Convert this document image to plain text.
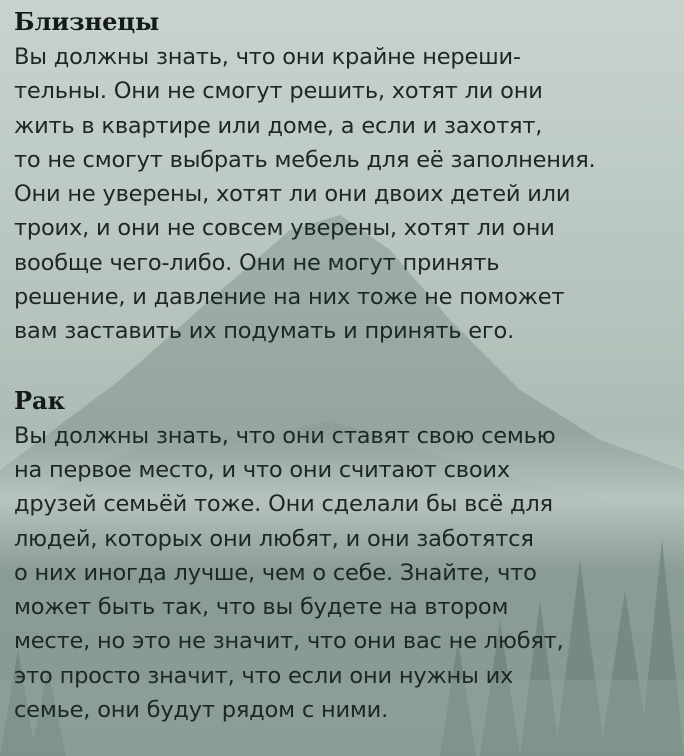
Близнецы
Вы должны знать, что они крайне нереши-
тельны. Они не смогут решить, хотят ли они
жить в квартире или доме, а если и захотят,
то не смогут выбрать мебель для её заполнения.
Они не уверены, хотят ли они двоих детей или
троих, и они не совсем уверены, хотят ли они
вообще чего-либо. Они не могут принять
решение, и давление на них тоже не поможет
вам заставить их подумать и принять его.
Рак
Вы должны знать, что они ставят свою семью
на первое место, и что они считают своих
друзей семьёй тоже. Они сделали бы всё для
людей, которых они любят, и они заботятся
о них иногда лучше, чем о себе. Знайте, что
может быть так, что вы будете на втором
месте, но это не значит, что они вас не любят,
это просто значит, что если они нужны их
семье, они будут рядом с ними.
